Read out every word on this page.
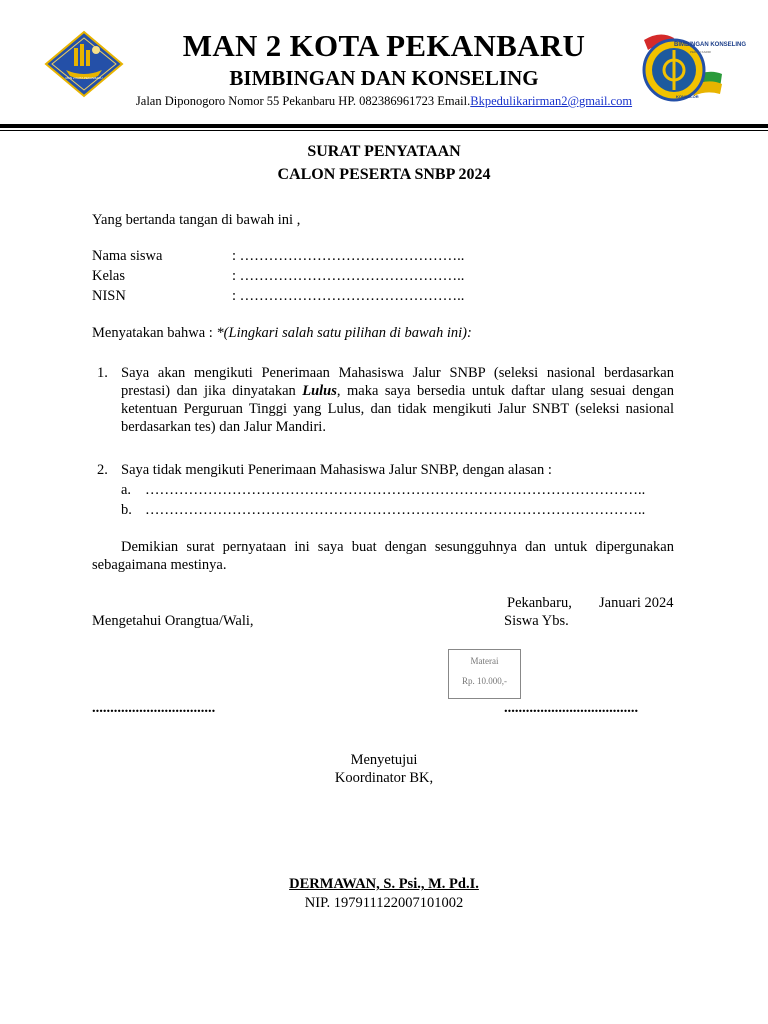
MAN 2 KOTA PEKANBARU
BIMBINGAN KONSELING
PEDULI KARIR
KONSELOR
MAN 2 KOTA PEKANBARU
BIMBINGAN DAN KONSELING
Jalan Diponogoro Nomor 55 Pekanbaru HP. 082386961723 Email.Bkpedulikarirman2@gmail.com
SURAT PENYATAAN
CALON PESERTA SNBP 2024
Yang bertanda tangan di bawah ini ,
Nama siswa	: ………………………………………..
Kelas	: ………………………………………..
NISN	: ………………………………………..
Menyatakan bahwa : *(Lingkari salah satu pilihan di bawah ini):
1. Saya akan mengikuti Penerimaan Mahasiswa Jalur SNBP (seleksi nasional berdasarkan prestasi) dan jika dinyatakan Lulus, maka saya bersedia untuk daftar ulang sesuai dengan ketentuan Perguruan Tinggi yang Lulus, dan tidak mengikuti Jalur SNBT (seleksi nasional berdasarkan tes) dan Jalur Mandiri.
2. Saya tidak mengikuti Penerimaan Mahasiswa Jalur SNBP, dengan alasan :
a. …………………………………………………………………………………………..
b. …………………………………………………………………………………………..
Demikian surat pernyataan ini saya buat dengan sesungguhnya dan untuk dipergunakan sebagaimana mestinya.
Pekanbaru, Januari 2024
Mengetahui Orangtua/Wali,	Siswa Ybs.
Materai
Rp. 10.000,-
..................................	.....................................
Menyetujui
Koordinator BK,
DERMAWAN, S. Psi., M. Pd.I.
NIP. 197911122007101002
